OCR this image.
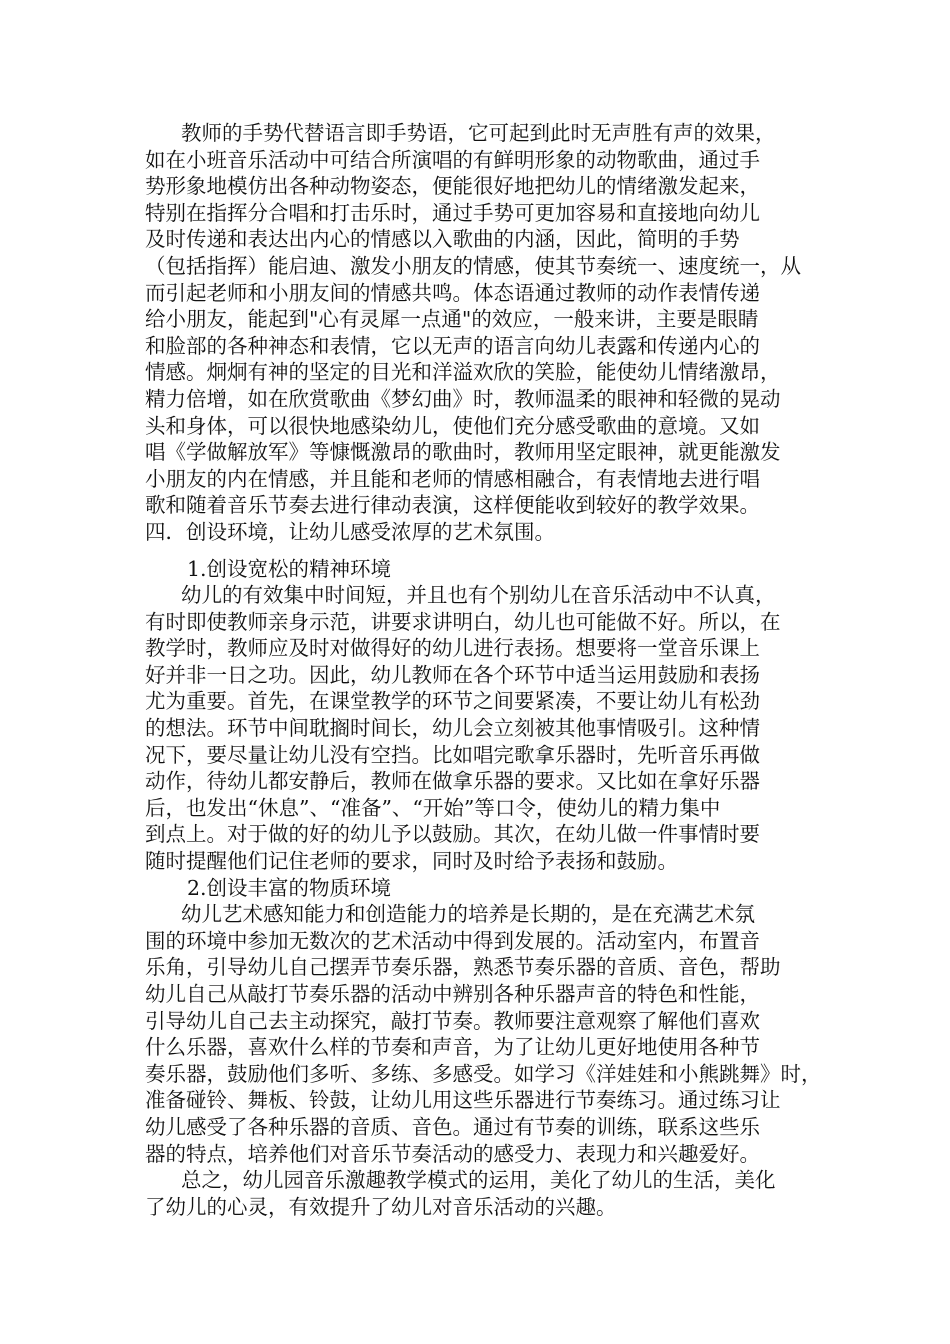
教师的手势代替语言即手势语，它可起到此时无声胜有声的效果，
如在小班音乐活动中可结合所演唱的有鲜明形象的动物歌曲，通过手
势形象地模仿出各种动物姿态，便能很好地把幼儿的情绪激发起来，
特别在指挥分合唱和打击乐时，通过手势可更加容易和直接地向幼儿
及时传递和表达出内心的情感以入歌曲的内涵，因此，简明的手势
（包括指挥）能启迪、激发小朋友的情感，使其节奏统一、速度统一，从
而引起老师和小朋友间的情感共鸣。体态语通过教师的动作表情传递
给小朋友，能起到"心有灵犀一点通"的效应，一般来讲，主要是眼睛
和脸部的各种神态和表情，它以无声的语言向幼儿表露和传递内心的
情感。炯炯有神的坚定的目光和洋溢欢欣的笑脸，能使幼儿情绪激昂，
精力倍增，如在欣赏歌曲《梦幻曲》时，教师温柔的眼神和轻微的晃动
头和身体，可以很快地感染幼儿，使他们充分感受歌曲的意境。又如
唱《学做解放军》等慷慨激昂的歌曲时，教师用坚定眼神，就更能激发
小朋友的内在情感，并且能和老师的情感相融合，有表情地去进行唱
歌和随着音乐节奏去进行律动表演，这样便能收到较好的教学效果。
四．创设环境，让幼儿感受浓厚的艺术氛围。
1.创设宽松的精神环境
幼儿的有效集中时间短，并且也有个别幼儿在音乐活动中不认真，
有时即使教师亲身示范，讲要求讲明白，幼儿也可能做不好。所以，在
教学时，教师应及时对做得好的幼儿进行表扬。想要将一堂音乐课上
好并非一日之功。因此，幼儿教师在各个环节中适当运用鼓励和表扬
尤为重要。首先，在课堂教学的环节之间要紧凑，不要让幼儿有松劲
的想法。环节中间耽搁时间长，幼儿会立刻被其他事情吸引。这种情
况下，要尽量让幼儿没有空挡。比如唱完歌拿乐器时，先听音乐再做
动作，待幼儿都安静后，教师在做拿乐器的要求。又比如在拿好乐器
后，也发出“休息”、“准备”、“开始”等口令，使幼儿的精力集中
到点上。对于做的好的幼儿予以鼓励。其次，在幼儿做一件事情时要
随时提醒他们记住老师的要求，同时及时给予表扬和鼓励。
2.创设丰富的物质环境
幼儿艺术感知能力和创造能力的培养是长期的，是在充满艺术氛
围的环境中参加无数次的艺术活动中得到发展的。活动室内，布置音
乐角，引导幼儿自己摆弄节奏乐器，熟悉节奏乐器的音质、音色，帮助
幼儿自己从敲打节奏乐器的活动中辨别各种乐器声音的特色和性能，
引导幼儿自己去主动探究，敲打节奏。教师要注意观察了解他们喜欢
什么乐器，喜欢什么样的节奏和声音，为了让幼儿更好地使用各种节
奏乐器，鼓励他们多听、多练、多感受。如学习《洋娃娃和小熊跳舞》时，
准备碰铃、舞板、铃鼓，让幼儿用这些乐器进行节奏练习。通过练习让
幼儿感受了各种乐器的音质、音色。通过有节奏的训练，联系这些乐
器的特点，培养他们对音乐节奏活动的感受力、表现力和兴趣爱好。
总之，幼儿园音乐激趣教学模式的运用，美化了幼儿的生活，美化
了幼儿的心灵，有效提升了幼儿对音乐活动的兴趣。
